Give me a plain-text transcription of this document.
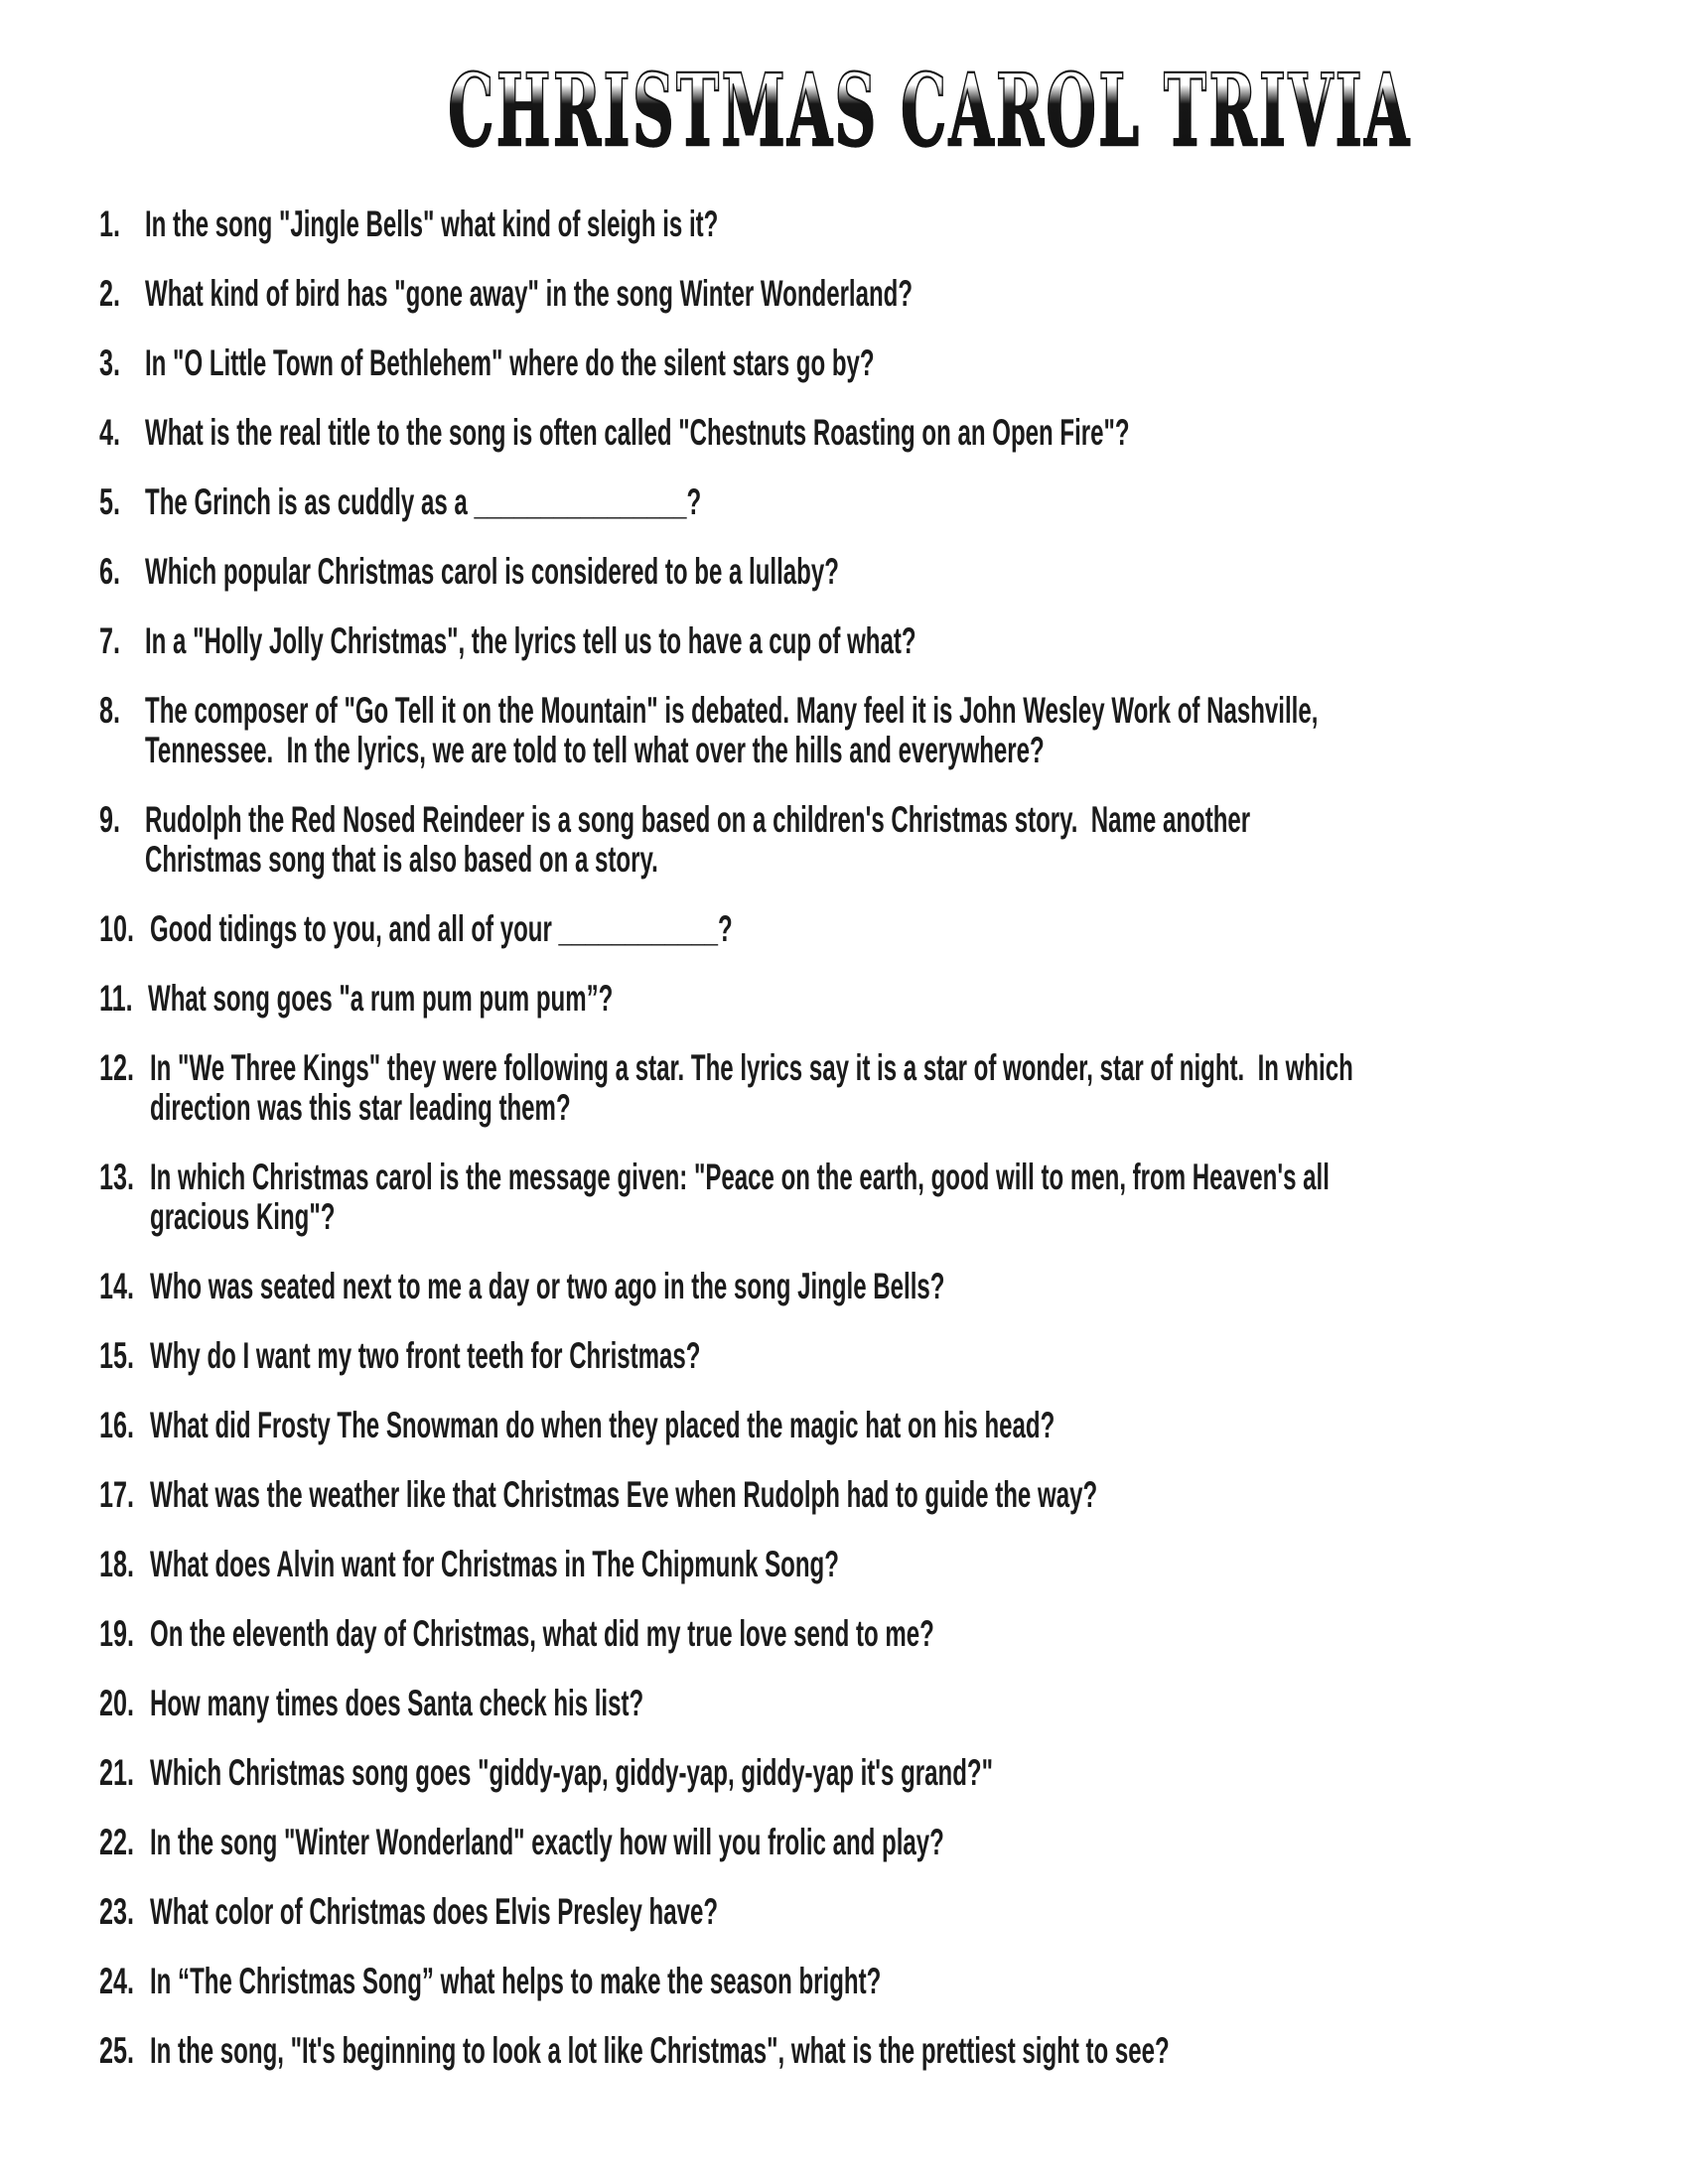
CHRISTMAS CAROL TRIVIA
1. In the song "Jingle Bells" what kind of sleigh is it?
2. What kind of bird has "gone away" in the song Winter Wonderland?
3. In "O Little Town of Bethlehem" where do the silent stars go by?
4. What is the real title to the song is often called "Chestnuts Roasting on an Open Fire"?
5. The Grinch is as cuddly as a ________________?
6. Which popular Christmas carol is considered to be a lullaby?
7. In a "Holly Jolly Christmas", the lyrics tell us to have a cup of what?
8. The composer of "Go Tell it on the Mountain" is debated. Many feel it is John Wesley Work of Nashville,
Tennessee.  In the lyrics, we are told to tell what over the hills and everywhere?
9. Rudolph the Red Nosed Reindeer is a song based on a children's Christmas story.  Name another
Christmas song that is also based on a story.
10. Good tidings to you, and all of your ____________?
11. What song goes "a rum pum pum pum”?
12. In "We Three Kings" they were following a star. The lyrics say it is a star of wonder, star of night.  In which
direction was this star leading them?
13. In which Christmas carol is the message given: "Peace on the earth, good will to men, from Heaven's all
gracious King"?
14. Who was seated next to me a day or two ago in the song Jingle Bells?
15. Why do I want my two front teeth for Christmas?
16. What did Frosty The Snowman do when they placed the magic hat on his head?
17. What was the weather like that Christmas Eve when Rudolph had to guide the way?
18. What does Alvin want for Christmas in The Chipmunk Song?
19. On the eleventh day of Christmas, what did my true love send to me?
20. How many times does Santa check his list?
21. Which Christmas song goes "giddy-yap, giddy-yap, giddy-yap it's grand?"
22. In the song "Winter Wonderland" exactly how will you frolic and play?
23. What color of Christmas does Elvis Presley have?
24. In “The Christmas Song” what helps to make the season bright?
25. In the song, "It's beginning to look a lot like Christmas", what is the prettiest sight to see?
